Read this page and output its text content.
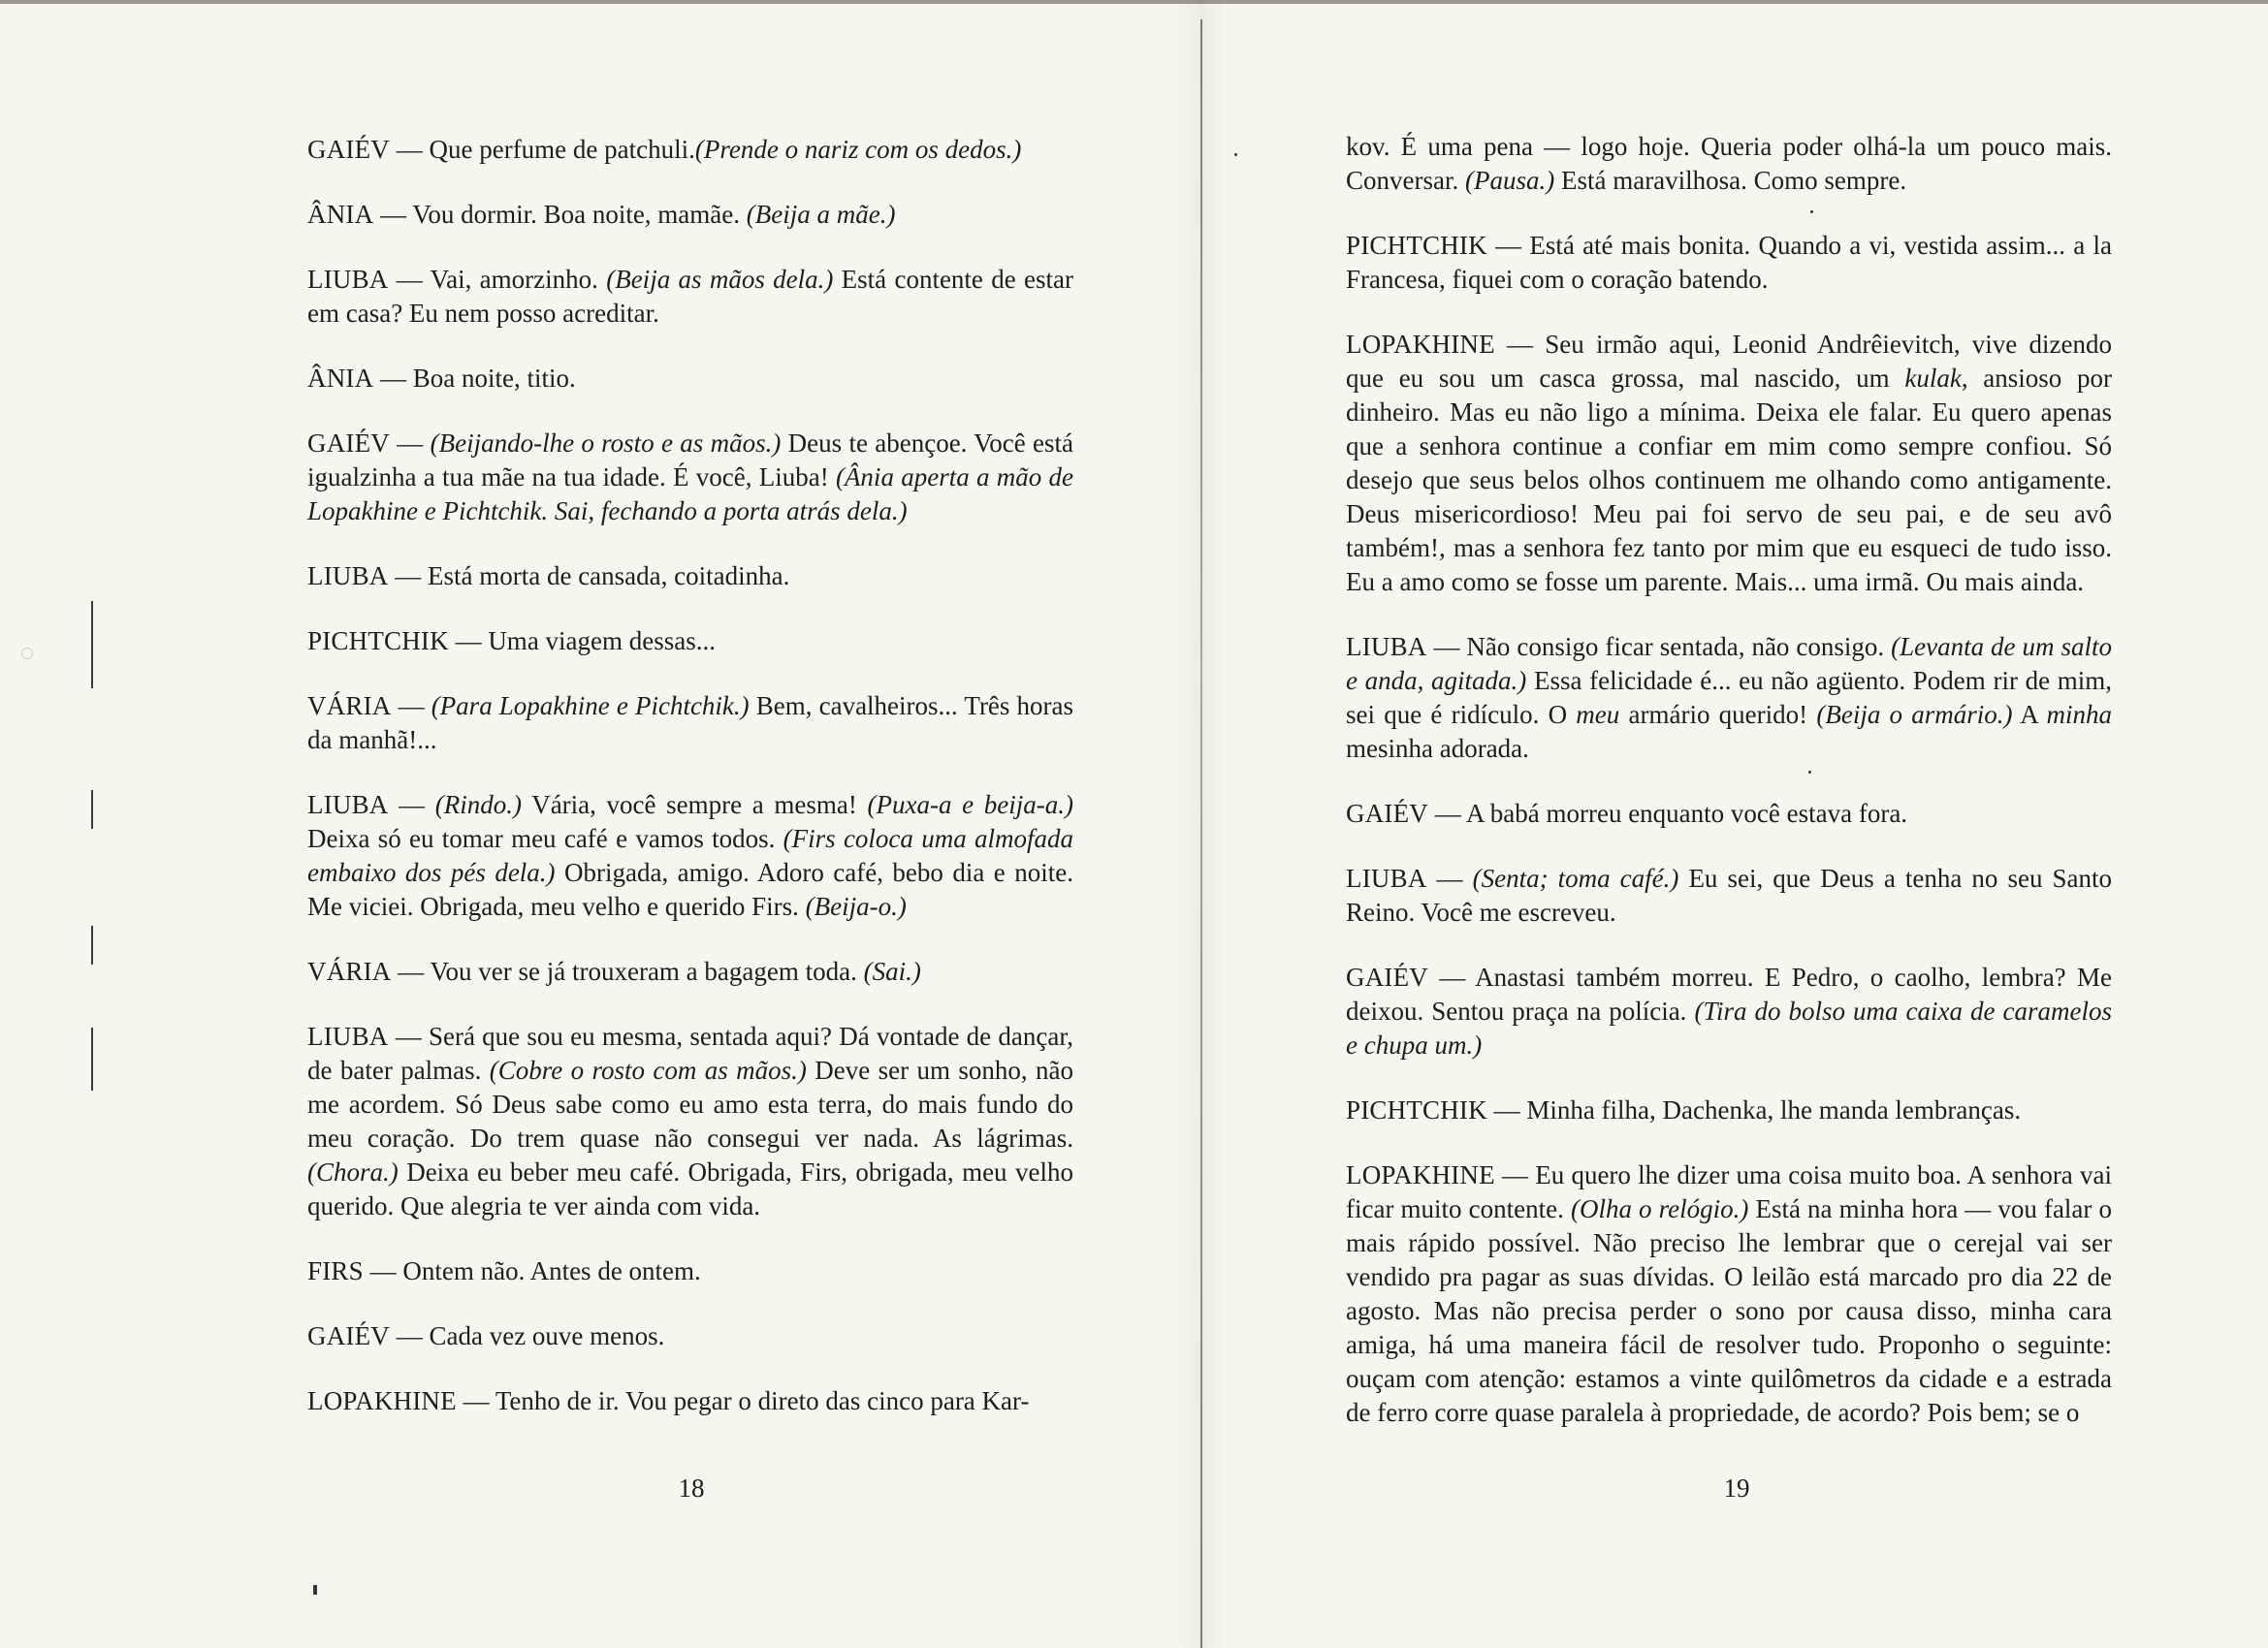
GAIÉV — Que perfume de patchuli.(Prende o nariz com os dedos.)

ÂNIA — Vou dormir. Boa noite, mamãe. (Beija a mãe.)

LIUBA — Vai, amorzinho. (Beija as mãos dela.) Está contente de estar em casa? Eu nem posso acreditar.

ÂNIA — Boa noite, titio.

GAIÉV — (Beijando-lhe o rosto e as mãos.) Deus te abençoe. Você está igualzinha a tua mãe na tua idade. É você, Liuba! (Ânia aperta a mão de Lopakhine e Pichtchik. Sai, fechando a porta atrás dela.)

LIUBA — Está morta de cansada, coitadinha.

PICHTCHIK — Uma viagem dessas...

VÁRIA — (Para Lopakhine e Pichtchik.) Bem, cavalheiros... Três horas da manhã!...

LIUBA — (Rindo.) Vária, você sempre a mesma! (Puxa-a e beija-a.) Deixa só eu tomar meu café e vamos todos. (Firs coloca uma almofada embaixo dos pés dela.) Obrigada, amigo. Adoro café, bebo dia e noite. Me viciei. Obrigada, meu velho e querido Firs. (Beija-o.)

VÁRIA — Vou ver se já trouxeram a bagagem toda. (Sai.)

LIUBA — Será que sou eu mesma, sentada aqui? Dá vontade de dançar, de bater palmas. (Cobre o rosto com as mãos.) Deve ser um sonho, não me acordem. Só Deus sabe como eu amo esta terra, do mais fundo do meu coração. Do trem quase não consegui ver nada. As lágrimas. (Chora.) Deixa eu beber meu café. Obrigada, Firs, obrigada, meu velho querido. Que alegria te ver ainda com vida.

FIRS — Ontem não. Antes de ontem.

GAIÉV — Cada vez ouve menos.

LOPAKHINE — Tenho de ir. Vou pegar o direto das cinco para Kar-

18

kov. É uma pena — logo hoje. Queria poder olhá-la um pouco mais. Conversar. (Pausa.) Está maravilhosa. Como sempre.

PICHTCHIK — Está até mais bonita. Quando a vi, vestida assim... a la Francesa, fiquei com o coração batendo.

LOPAKHINE — Seu irmão aqui, Leonid Andrêievitch, vive dizendo que eu sou um casca grossa, mal nascido, um kulak, ansioso por dinheiro. Mas eu não ligo a mínima. Deixa ele falar. Eu quero apenas que a senhora continue a confiar em mim como sempre confiou. Só desejo que seus belos olhos continuem me olhando como antigamente. Deus misericordioso! Meu pai foi servo de seu pai, e de seu avô também!, mas a senhora fez tanto por mim que eu esqueci de tudo isso. Eu a amo como se fosse um parente. Mais... uma irmã. Ou mais ainda.

LIUBA — Não consigo ficar sentada, não consigo. (Levanta de um salto e anda, agitada.) Essa felicidade é... eu não agüento. Podem rir de mim, sei que é ridículo. O meu armário querido! (Beija o armário.) A minha mesinha adorada.

GAIÉV — A babá morreu enquanto você estava fora.

LIUBA — (Senta; toma café.) Eu sei, que Deus a tenha no seu Santo Reino. Você me escreveu.

GAIÉV — Anastasi também morreu. E Pedro, o caolho, lembra? Me deixou. Sentou praça na polícia. (Tira do bolso uma caixa de caramelos e chupa um.)

PICHTCHIK — Minha filha, Dachenka, lhe manda lembranças.

LOPAKHINE — Eu quero lhe dizer uma coisa muito boa. A senhora vai ficar muito contente. (Olha o relógio.) Está na minha hora — vou falar o mais rápido possível. Não preciso lhe lembrar que o cerejal vai ser vendido pra pagar as suas dívidas. O leilão está marcado pro dia 22 de agosto. Mas não precisa perder o sono por causa disso, minha cara amiga, há uma maneira fácil de resolver tudo. Proponho o seguinte: ouçam com atenção: estamos a vinte quilômetros da cidade e a estrada de ferro corre quase paralela à propriedade, de acordo? Pois bem; se o

19
